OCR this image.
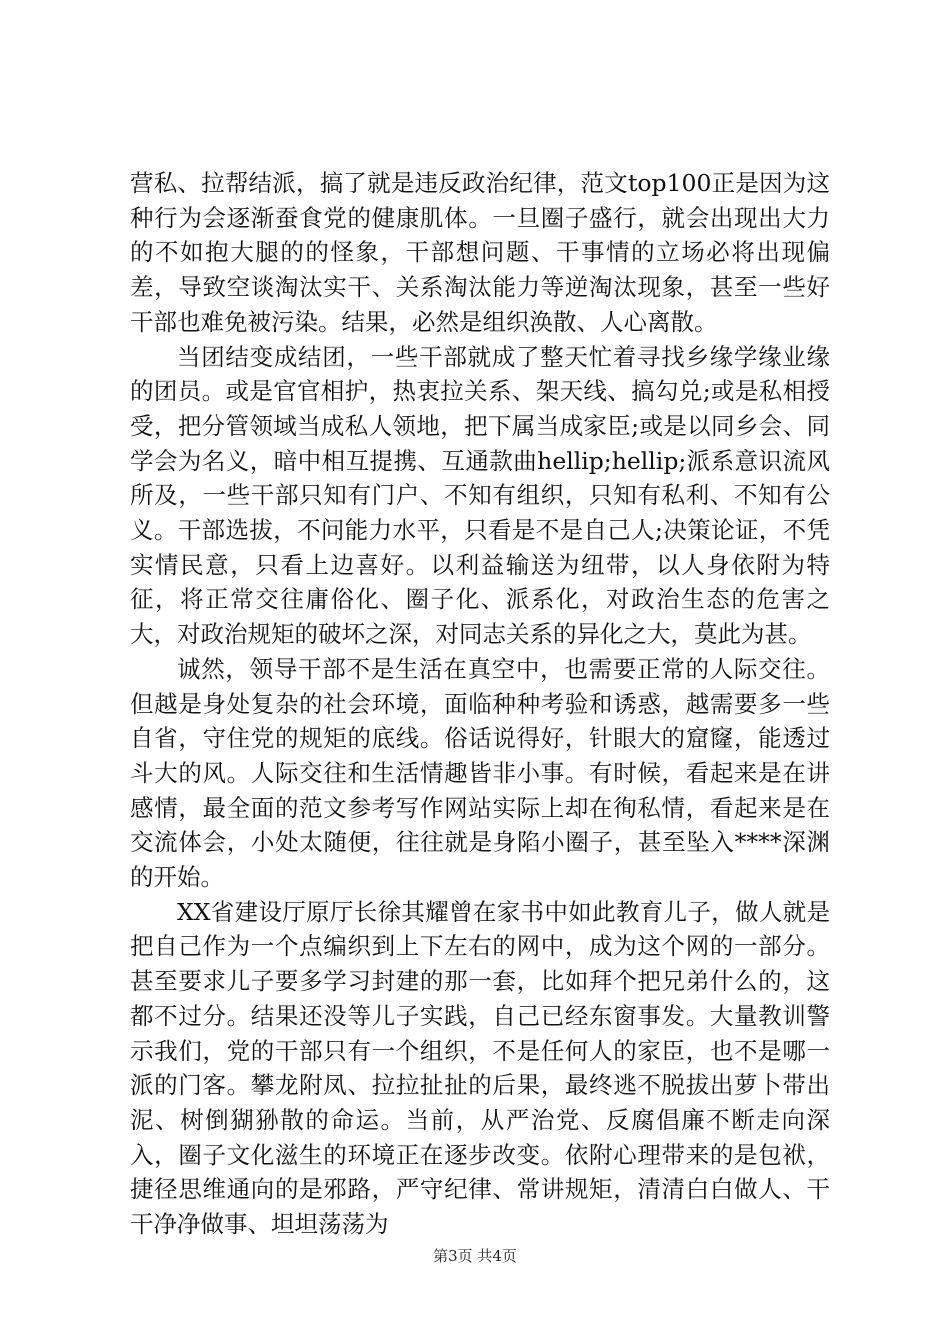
营私、拉帮结派，搞了就是违反政治纪律，范文top100正是因为这种行为会逐渐蚕食党的健康肌体。一旦圈子盛行，就会出现出大力的不如抱大腿的的怪象，干部想问题、干事情的立场必将出现偏差，导致空谈淘汰实干、关系淘汰能力等逆淘汰现象，甚至一些好干部也难免被污染。结果，必然是组织涣散、人心离散。

当团结变成结团，一些干部就成了整天忙着寻找乡缘学缘业缘的团员。或是官官相护，热衷拉关系、架天线、搞勾兑;或是私相授受，把分管领域当成私人领地，把下属当成家臣;或是以同乡会、同学会为名义，暗中相互提携、互通款曲hellip;hellip;派系意识流风所及，一些干部只知有门户、不知有组织，只知有私利、不知有公义。干部选拔，不问能力水平，只看是不是自己人;决策论证，不凭实情民意，只看上边喜好。以利益输送为纽带，以人身依附为特征，将正常交往庸俗化、圈子化、派系化，对政治生态的危害之大，对政治规矩的破坏之深，对同志关系的异化之大，莫此为甚。

诚然，领导干部不是生活在真空中，也需要正常的人际交往。但越是身处复杂的社会环境，面临种种考验和诱惑，越需要多一些自省，守住党的规矩的底线。俗话说得好，针眼大的窟窿，能透过斗大的风。人际交往和生活情趣皆非小事。有时候，看起来是在讲感情，最全面的范文参考写作网站实际上却在徇私情，看起来是在交流体会，小处太随便，往往就是身陷小圈子，甚至坠入****深渊的开始。

XX省建设厅原厅长徐其耀曾在家书中如此教育儿子，做人就是把自己作为一个点编织到上下左右的网中，成为这个网的一部分。甚至要求儿子要多学习封建的那一套，比如拜个把兄弟什么的，这都不过分。结果还没等儿子实践，自己已经东窗事发。大量教训警示我们，党的干部只有一个组织，不是任何人的家臣，也不是哪一派的门客。攀龙附凤、拉拉扯扯的后果，最终逃不脱拔出萝卜带出泥、树倒猢狲散的命运。当前，从严治党、反腐倡廉不断走向深入，圈子文化滋生的环境正在逐步改变。依附心理带来的是包袱，捷径思维通向的是邪路，严守纪律、常讲规矩，清清白白做人、干干净净做事、坦坦荡荡为

第3页 共4页
